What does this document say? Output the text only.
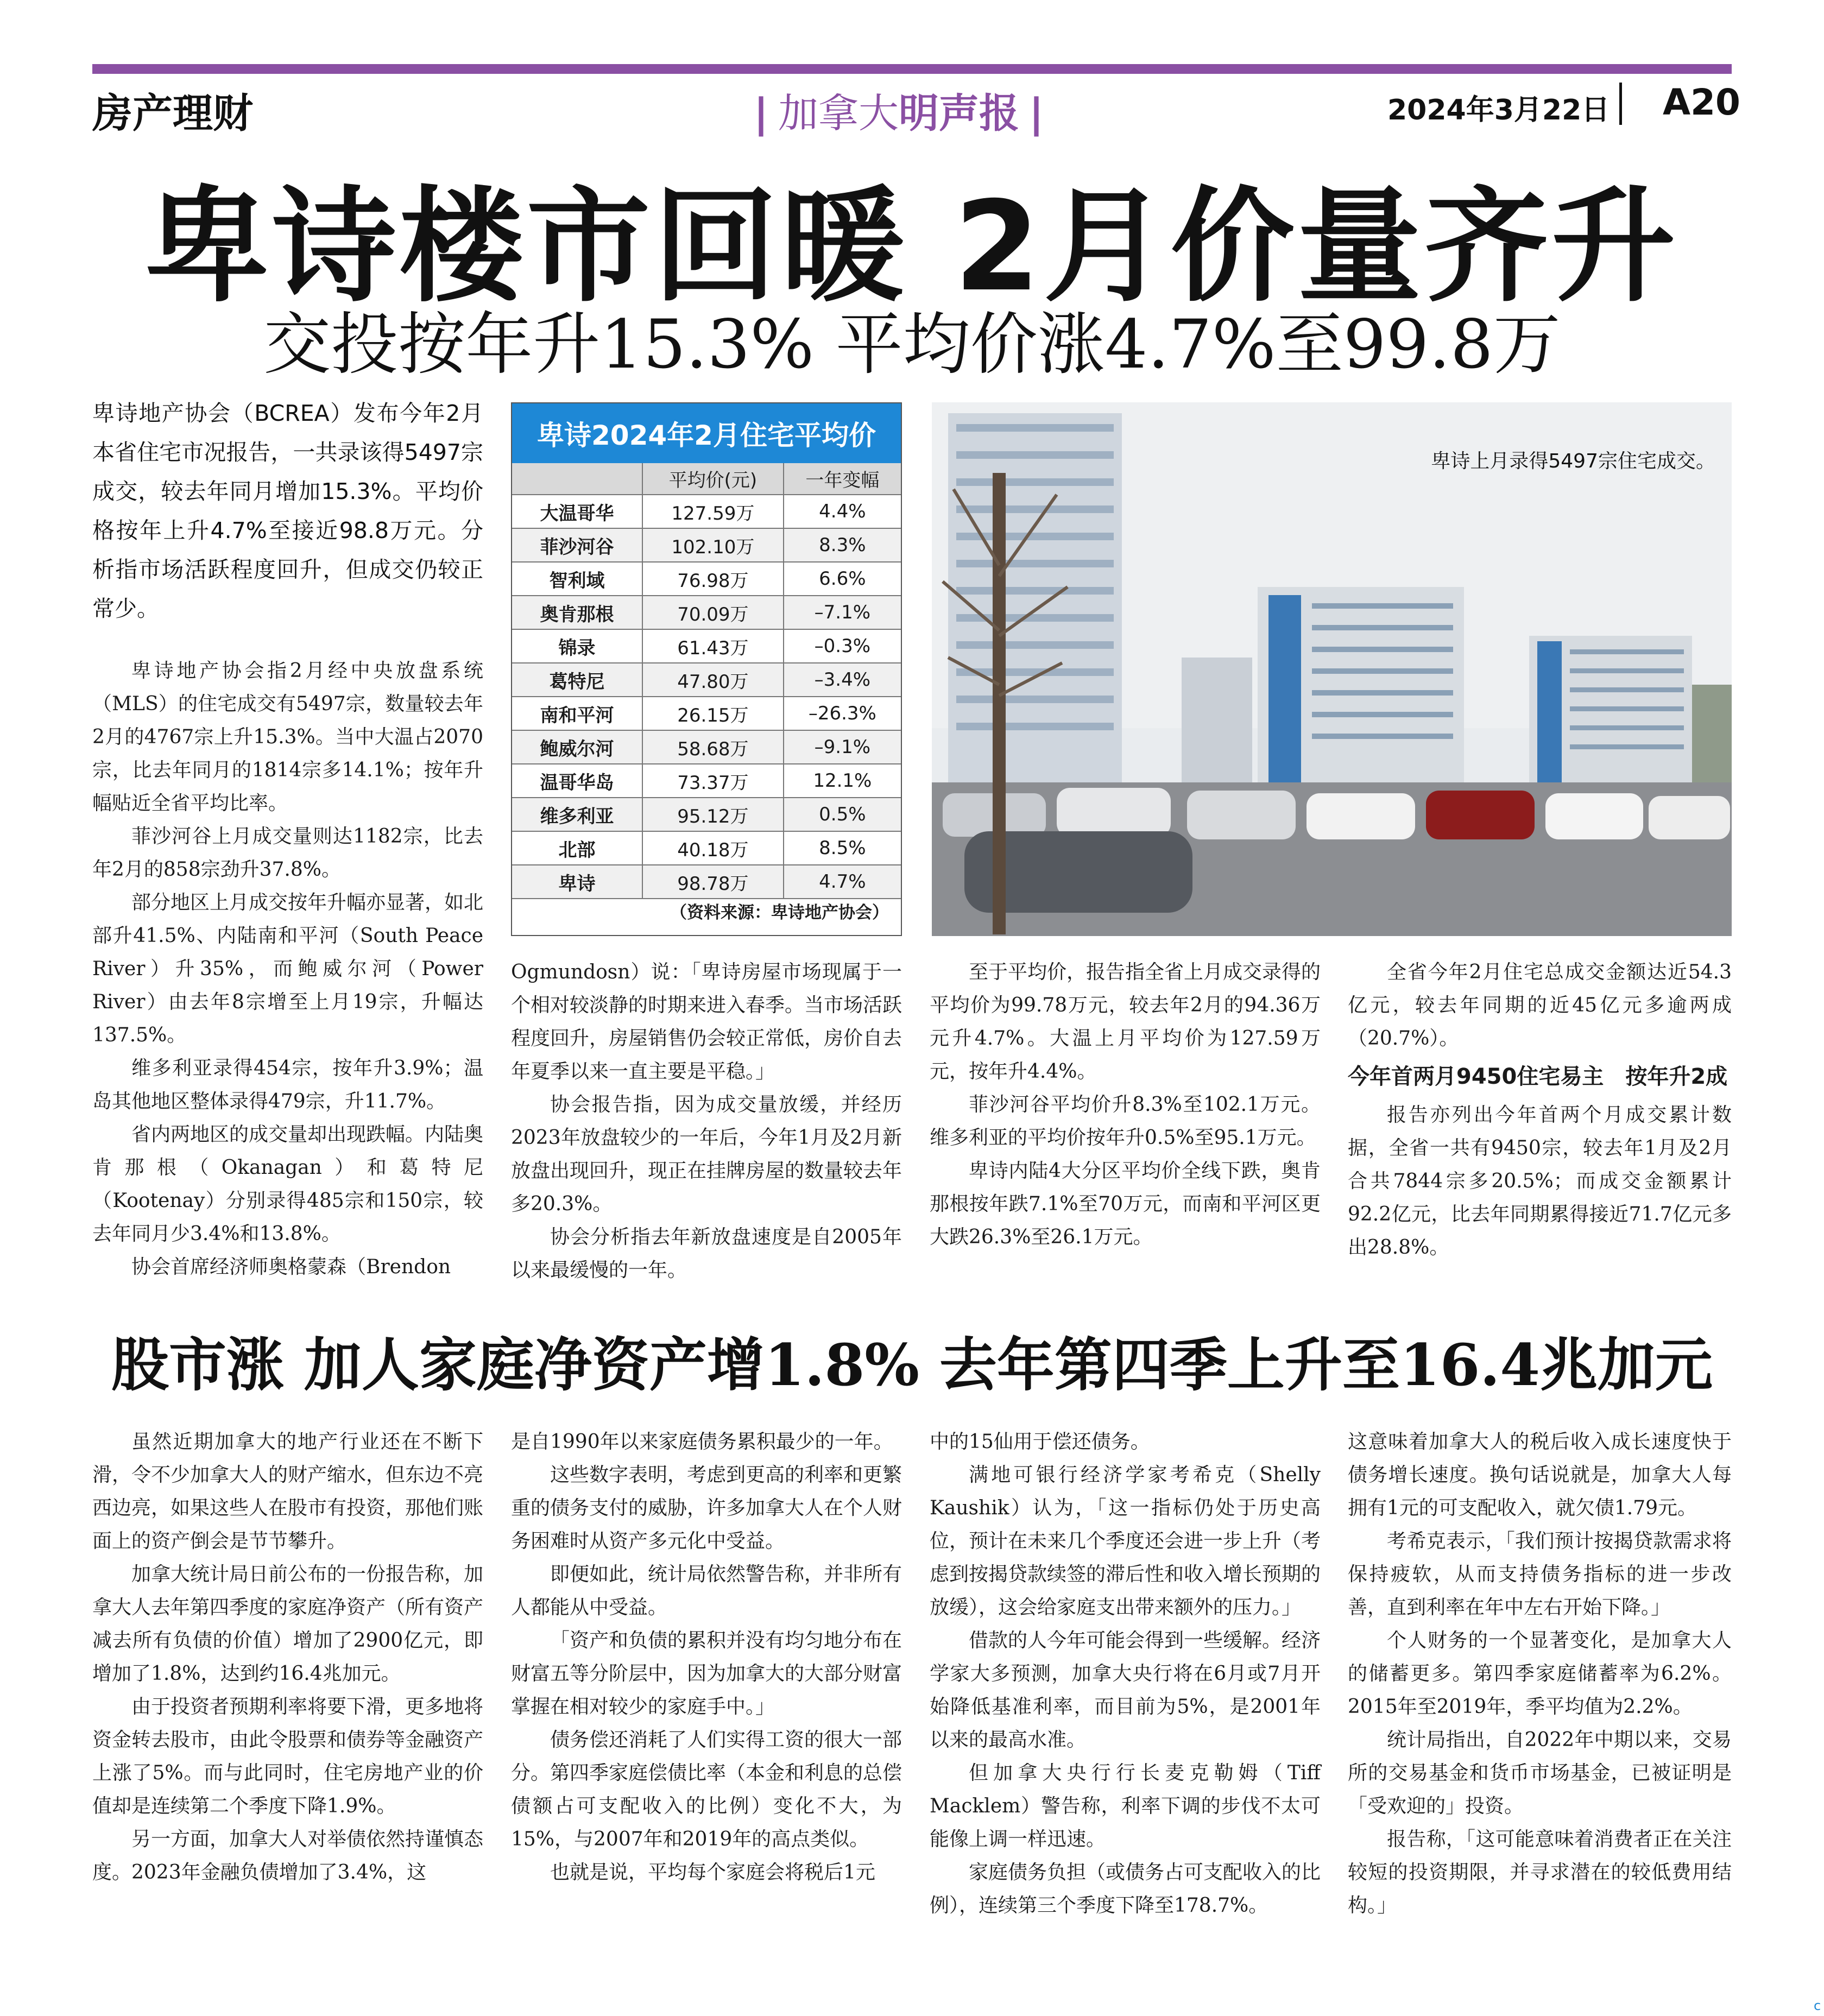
房产理财	| 加拿大明声报 |	2024年3月22日 A20
卑诗楼市回暖 2月价量齐升
交投按年升15.3% 平均价涨4.7%至99.8万
卑诗地产协会（BCREA）发布今年2月本省住宅市况报告，一共录该得5497宗成交，较去年同月增加15.3%。平均价格按年上升4.7%至接近98.8万元。分析指市场活跃程度回升，但成交仍较正常少。

卑诗地产协会指2月经中央放盘系统（MLS）的住宅成交有5497宗，数量较去年2月的4767宗上升15.3%。当中大温占2070宗，比去年同月的1814宗多14.1%；按年升幅贴近全省平均比率。

菲沙河谷上月成交量则达1182宗，比去年2月的858宗劲升37.8%。

部分地区上月成交按年升幅亦显著，如北部升41.5%、内陆南和平河（South Peace River）升35%，而鲍威尔河（Power River）由去年8宗增至上月19宗，升幅达137.5%。

维多利亚录得454宗，按年升3.9%；温岛其他地区整体录得479宗，升11.7%。

省内两地区的成交量却出现跌幅。内陆奥肯那根（Okanagan）和葛特尼（Kootenay）分别录得485宗和150宗，较去年同月少3.4%和13.8%。

协会首席经济师奥格蒙森（Brendon

卑诗2024年2月住宅平均价
	平均价(元)	一年变幅
大温哥华	127.59万	4.4%
菲沙河谷	102.10万	8.3%
智利域	76.98万	6.6%
奥肯那根	70.09万	–7.1%
锦录	61.43万	–0.3%
葛特尼	47.80万	–3.4%
南和平河	26.15万	–26.3%
鲍威尔河	58.68万	–9.1%
温哥华岛	73.37万	12.1%
维多利亚	95.12万	0.5%
北部	40.18万	8.5%
卑诗	98.78万	4.7%
（资料来源：卑诗地产协会）
卑诗上月录得5497宗住宅成交。

Ogmundosn）说：「卑诗房屋市场现属于一个相对较淡静的时期来进入春季。当市场活跃程度回升，房屋销售仍会较正常低，房价自去年夏季以来一直主要是平稳。」

协会报告指，因为成交量放缓，并经历2023年放盘较少的一年后，今年1月及2月新放盘出现回升，现正在挂牌房屋的数量较去年多20.3%。

协会分析指去年新放盘速度是自2005年以来最缓慢的一年。

至于平均价，报告指全省上月成交录得的平均价为99.78万元，较去年2月的94.36万元升4.7%。大温上月平均价为127.59万元，按年升4.4%。

菲沙河谷平均价升8.3%至102.1万元。维多利亚的平均价按年升0.5%至95.1万元。

卑诗内陆4大分区平均价全线下跌，奥肯那根按年跌7.1%至70万元，而南和平河区更大跌26.3%至26.1万元。

全省今年2月住宅总成交金额达近54.3亿元，较去年同期的近45亿元多逾两成（20.7%）。

今年首两月9450住宅易主　按年升2成

报告亦列出今年首两个月成交累计数据，全省一共有9450宗，较去年1月及2月合共7844宗多20.5%；而成交金额累计92.2亿元，比去年同期累得接近71.7亿元多出28.8%。

股市涨 加人家庭净资产增1.8% 去年第四季上升至16.4兆加元

虽然近期加拿大的地产行业还在不断下滑，令不少加拿大人的财产缩水，但东边不亮西边亮，如果这些人在股市有投资，那他们账面上的资产倒会是节节攀升。

加拿大统计局日前公布的一份报告称，加拿大人去年第四季度的家庭净资产（所有资产减去所有负债的价值）增加了2900亿元，即增加了1.8%，达到约16.4兆加元。

由于投资者预期利率将要下滑，更多地将资金转去股市，由此令股票和债券等金融资产上涨了5%。而与此同时，住宅房地产业的价值却是连续第二个季度下降1.9%。

另一方面，加拿大人对举债依然持谨慎态度。2023年金融负债增加了3.4%，这

是自1990年以来家庭债务累积最少的一年。

这些数字表明，考虑到更高的利率和更繁重的债务支付的威胁，许多加拿大人在个人财务困难时从资产多元化中受益。

即便如此，统计局依然警告称，并非所有人都能从中受益。

「资产和负债的累积并没有均匀地分布在财富五等分阶层中，因为加拿大的大部分财富掌握在相对较少的家庭手中。」

债务偿还消耗了人们实得工资的很大一部分。第四季家庭偿债比率（本金和利息的总偿债额占可支配收入的比例）变化不大，为15%，与2007年和2019年的高点类似。

也就是说，平均每个家庭会将税后1元

中的15仙用于偿还债务。

满地可银行经济学家考希克（Shelly Kaushik）认为，「这一指标仍处于历史高位，预计在未来几个季度还会进一步上升（考虑到按揭贷款续签的滞后性和收入增长预期的放缓），这会给家庭支出带来额外的压力。」

借款的人今年可能会得到一些缓解。经济学家大多预测，加拿大央行将在6月或7月开始降低基准利率，而目前为5%，是2001年以来的最高水准。

但加拿大央行行长麦克勒姆（Tiff Macklem）警告称，利率下调的步伐不太可能像上调一样迅速。

家庭债务负担（或债务占可支配收入的比例），连续第三个季度下降至178.7%。

这意味着加拿大人的税后收入成长速度快于债务增长速度。换句话说就是，加拿大人每拥有1元的可支配收入，就欠债1.79元。

考希克表示，「我们预计按揭贷款需求将保持疲软，从而支持债务指标的进一步改善，直到利率在年中左右开始下降。」

个人财务的一个显著变化，是加拿大人的储蓄更多。第四季家庭储蓄率为6.2%。2015年至2019年，季平均值为2.2%。

统计局指出，自2022年中期以来，交易所的交易基金和货币市场基金，已被证明是「受欢迎的」投资。

报告称，「这可能意味着消费者正在关注较短的投资期限，并寻求潜在的较低费用结构。」

c
